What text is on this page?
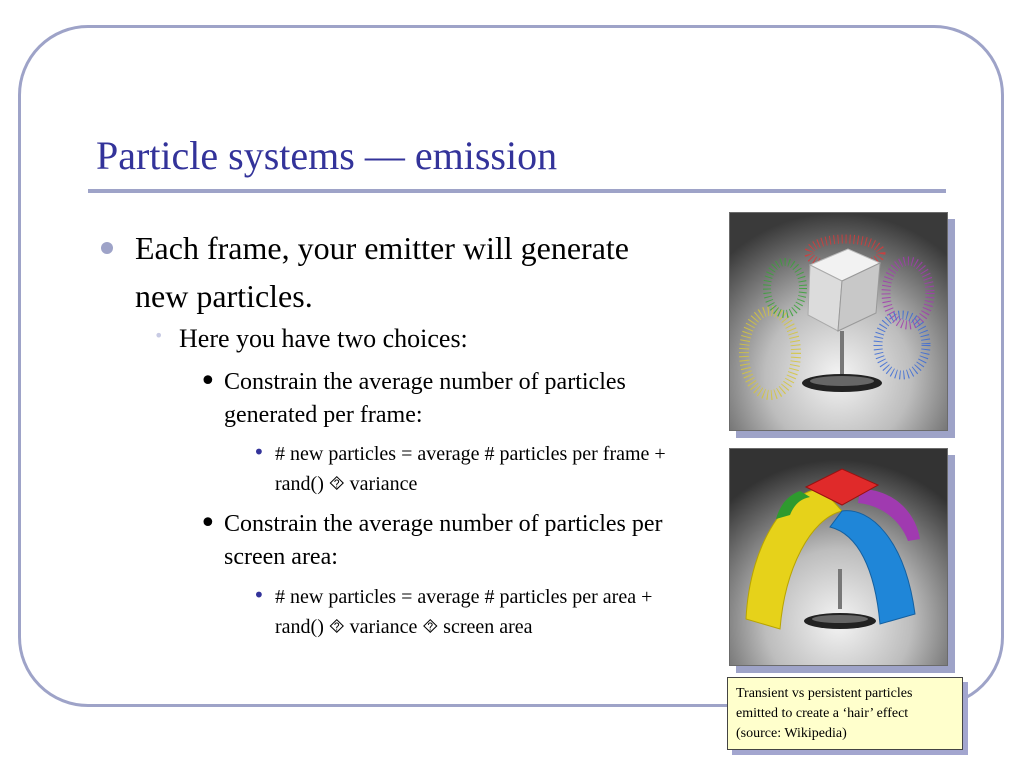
Particle systems — emission
Each frame, your emitter will generate new particles.
• Here you have two choices:
• Constrain the average number of particles generated per frame:
• # new particles = average # particles per frame + rand() ⯑ variance
• Constrain the average number of particles per screen area:
• # new particles = average # particles per area + rand() ⯑ variance ⯑ screen area
Transient vs persistent particles emitted to create a ‘hair’ effect (source: Wikipedia)
